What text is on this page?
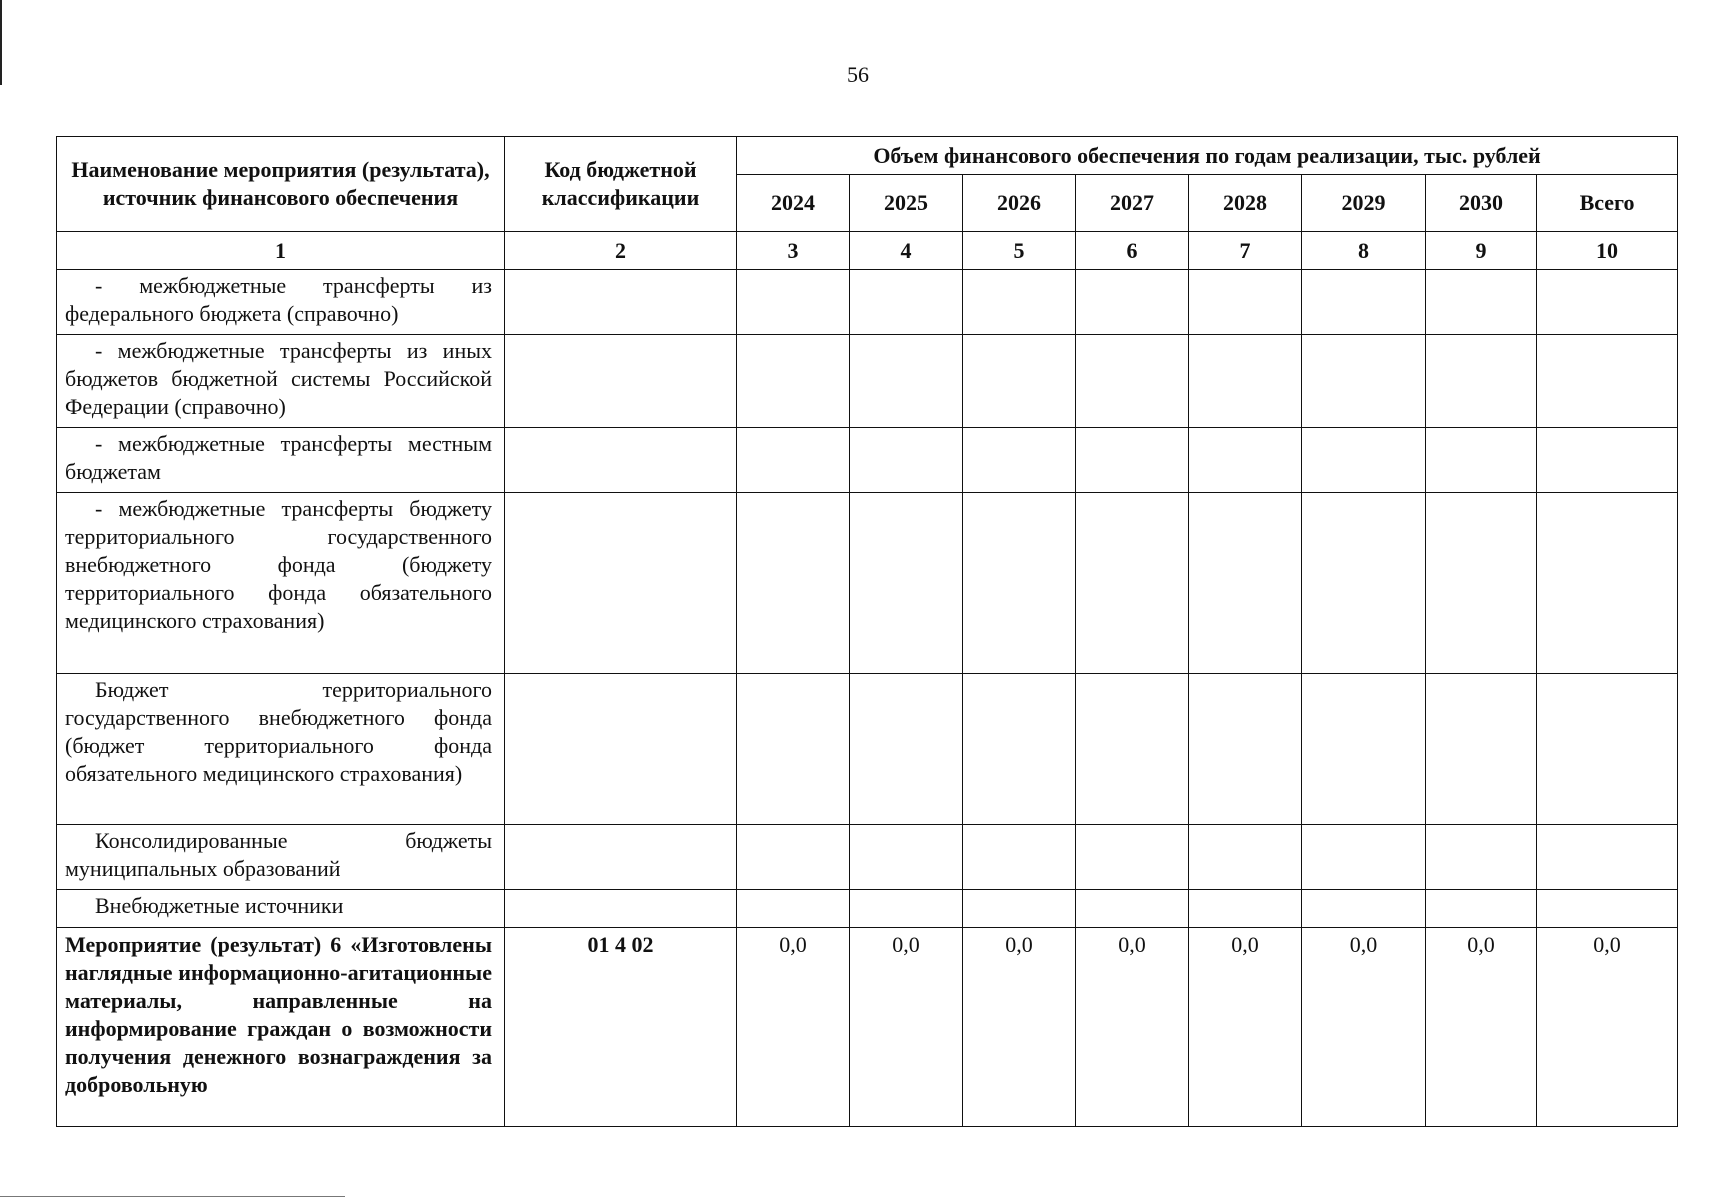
56
Наименование мероприятия (результата), источник финансового обеспечения	Код бюджетной классификации	Объем финансового обеспечения по годам реализации, тыс. рублей							
		2024	2025	2026	2027	2028	2029	2030	Всего
1	2	3	4	5	6	7	8	9	10
- межбюджетные трансферты из федерального бюджета (справочно)									
- межбюджетные трансферты из иных бюджетов бюджетной системы Российской Федерации (справочно)									
- межбюджетные трансферты местным бюджетам									
- межбюджетные трансферты бюджету территориального государственного внебюджетного фонда (бюджету территориального фонда обязательного медицинского страхования)									
Бюджет территориального государственного внебюджетного фонда (бюджет территориального фонда обязательного медицинского страхования)									
Консолидированные бюджеты муниципальных образований									
Внебюджетные источники									
Мероприятие (результат) 6 «Изготовлены наглядные информационно-агитационные материалы, направленные на информирование граждан о возможности получения денежного вознаграждения за добровольную	01 4 02	0,0	0,0	0,0	0,0	0,0	0,0	0,0	0,0
